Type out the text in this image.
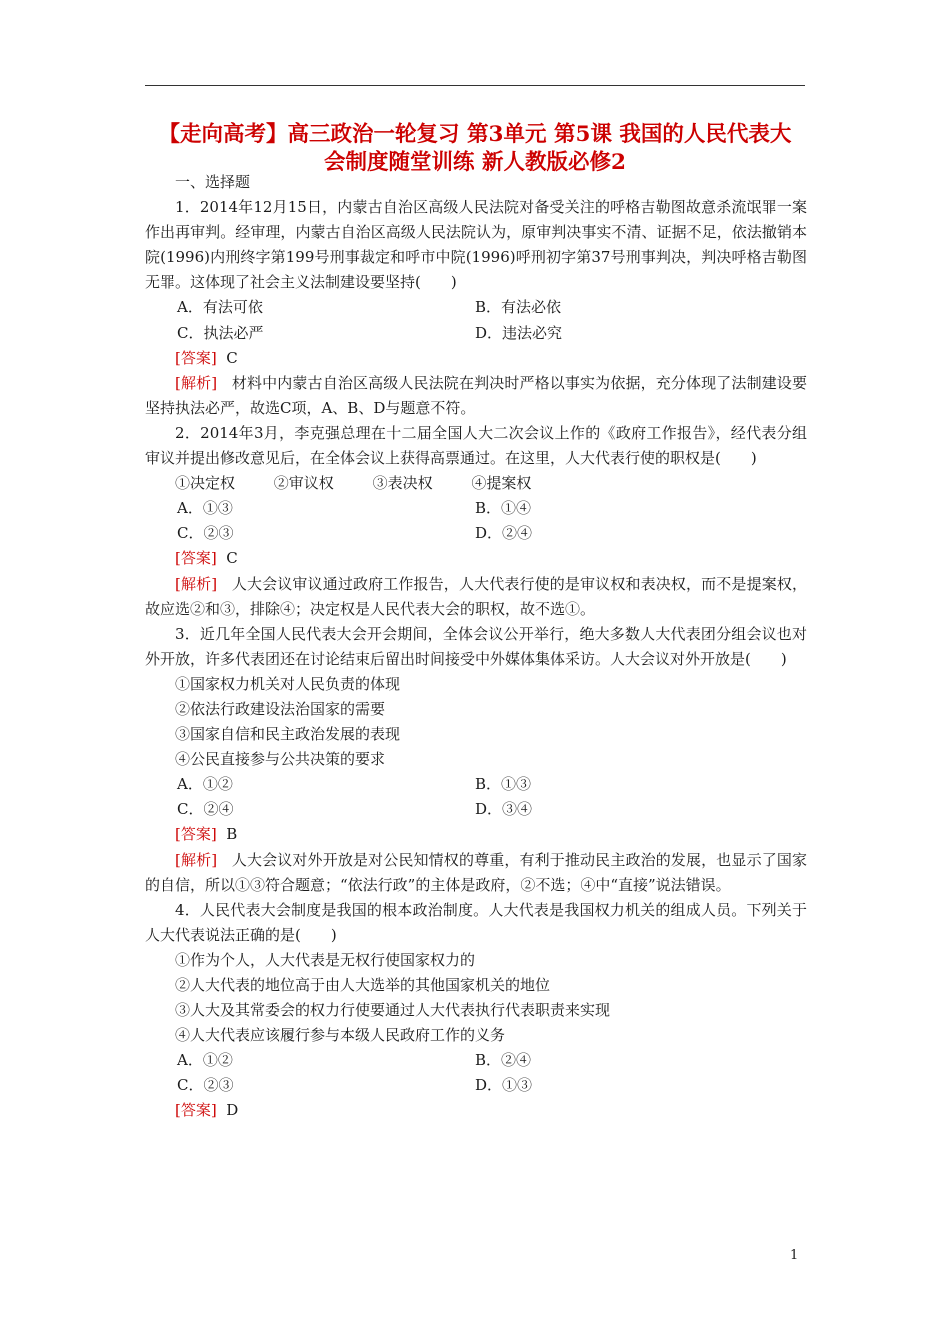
【走向高考】高三政治一轮复习 第3单元 第5课 我国的人民代表大
会制度随堂训练 新人教版必修2
一、选择题
1．2014年12月15日，内蒙古自治区高级人民法院对备受关注的呼格吉勒图故意杀流氓罪一案作出再审判。经审理，内蒙古自治区高级人民法院认为，原审判决事实不清、证据不足，依法撤销本院(1996)内刑终字第199号刑事裁定和呼市中院(1996)呼刑初字第37号刑事判决，判决呼格吉勒图无罪。这体现了社会主义法制建设要坚持(　　)
A．有法可依	B．有法必依
C．执法必严	D．违法必究
[答案] C
[解析] 材料中内蒙古自治区高级人民法院在判决时严格以事实为依据，充分体现了法制建设要坚持执法必严，故选C项，A、B、D与题意不符。
2．2014年3月，李克强总理在十二届全国人大二次会议上作的《政府工作报告》，经代表分组审议并提出修改意见后，在全体会议上获得高票通过。在这里，人大代表行使的职权是(　　)
①决定权	②审议权	③表决权	④提案权
A．①③	B．①④
C．②③	D．②④
[答案] C
[解析] 人大会议审议通过政府工作报告，人大代表行使的是审议权和表决权，而不是提案权，故应选②和③，排除④；决定权是人民代表大会的职权，故不选①。
3．近几年全国人民代表大会开会期间，全体会议公开举行，绝大多数人大代表团分组会议也对外开放，许多代表团还在讨论结束后留出时间接受中外媒体集体采访。人大会议对外开放是(　　)
①国家权力机关对人民负责的体现
②依法行政建设法治国家的需要
③国家自信和民主政治发展的表现
④公民直接参与公共决策的要求
A．①②	B．①③
C．②④	D．③④
[答案] B
[解析] 人大会议对外开放是对公民知情权的尊重，有利于推动民主政治的发展，也显示了国家的自信，所以①③符合题意；“依法行政”的主体是政府，②不选；④中“直接”说法错误。
4．人民代表大会制度是我国的根本政治制度。人大代表是我国权力机关的组成人员。下列关于人大代表说法正确的是(　　)
①作为个人，人大代表是无权行使国家权力的
②人大代表的地位高于由人大选举的其他国家机关的地位
③人大及其常委会的权力行使要通过人大代表执行代表职责来实现
④人大代表应该履行参与本级人民政府工作的义务
A．①②	B．②④
C．②③	D．①③
[答案] D
1
